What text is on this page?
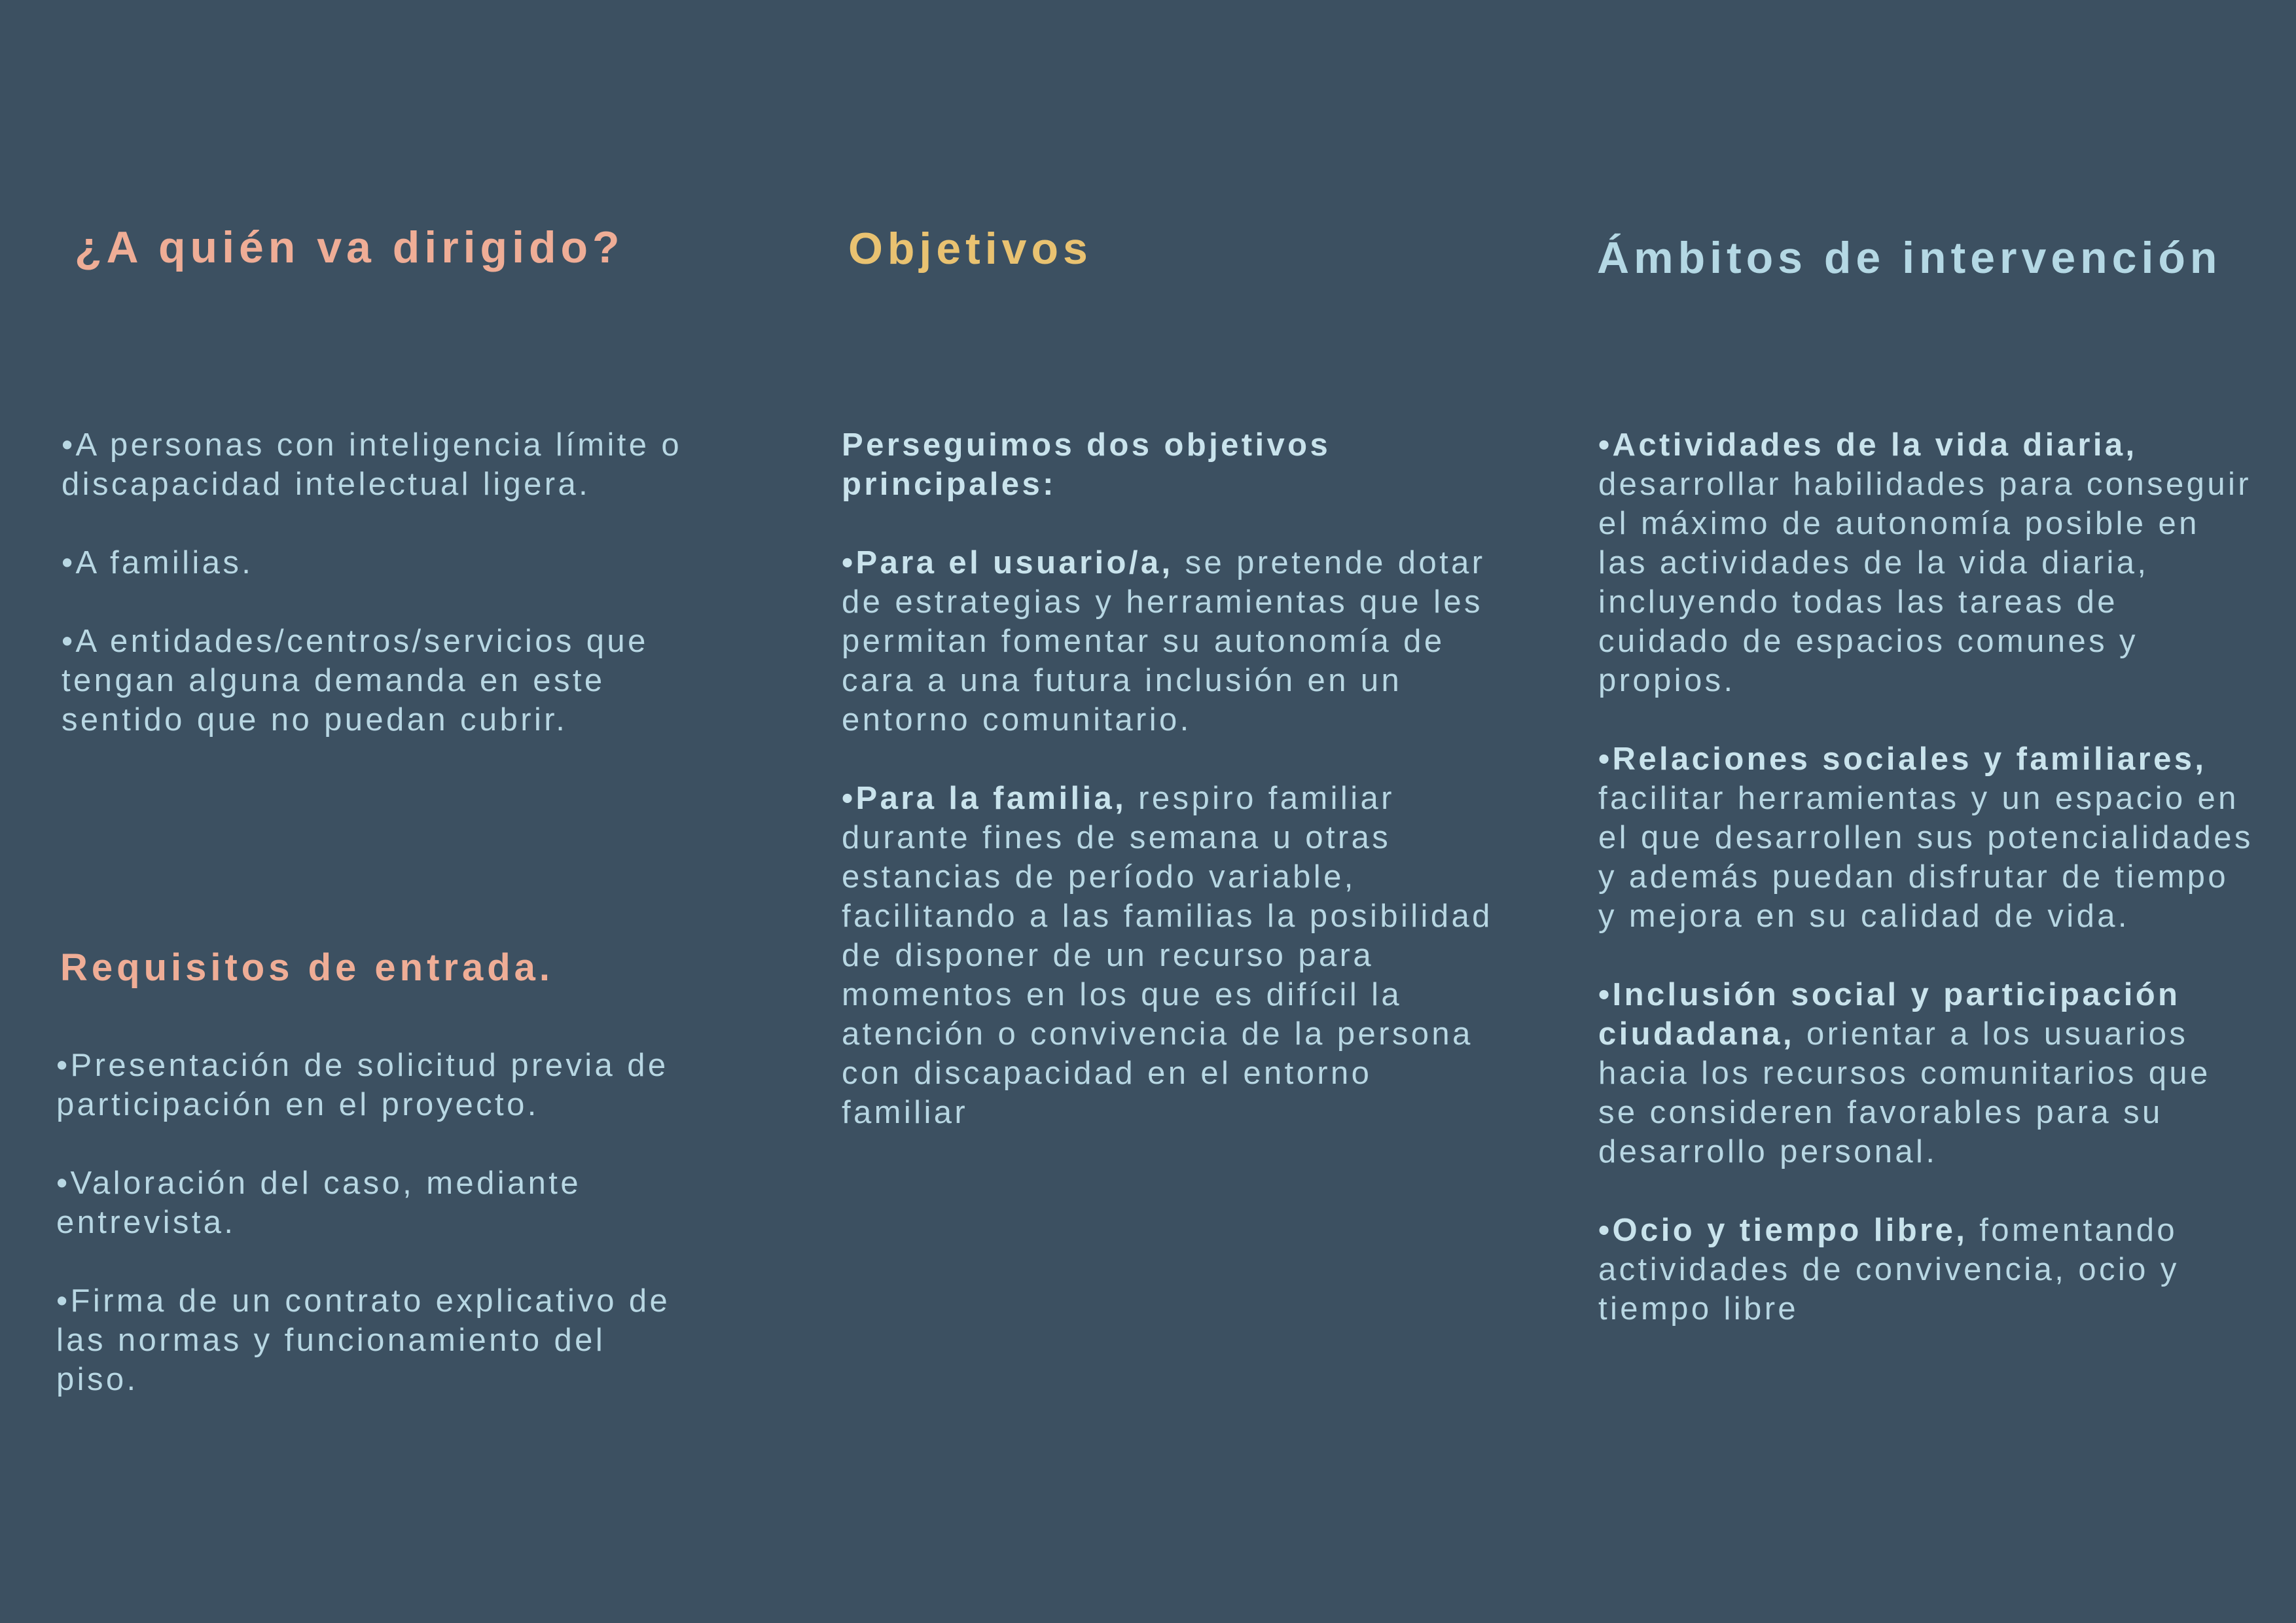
¿A quién va dirigido?

•A personas con inteligencia límite o discapacidad intelectual ligera.

•A familias.

•A entidades/centros/servicios que tengan alguna demanda en este sentido que no puedan cubrir.

Requisitos de entrada.

•Presentación de solicitud previa de participación en el proyecto.

•Valoración del caso, mediante entrevista.

•Firma de un contrato explicativo de las normas y funcionamiento del piso.

Objetivos

Perseguimos dos objetivos principales:

•Para el usuario/a, se pretende dotar de estrategias y herramientas que les permitan fomentar su autonomía de cara a una futura inclusión en un entorno comunitario.

•Para la familia, respiro familiar durante fines de semana u otras estancias de período variable, facilitando a las familias la posibilidad de disponer de un recurso para momentos en los que es difícil la atención o convivencia de la persona con discapacidad en el entorno familiar

Ámbitos de intervención

•Actividades de la vida diaria, desarrollar habilidades para conseguir el máximo de autonomía posible en las actividades de la vida diaria, incluyendo todas las tareas de cuidado de espacios comunes y propios.

•Relaciones sociales y familiares, facilitar herramientas y un espacio en el que desarrollen sus potencialidades y además puedan disfrutar de tiempo y mejora en su calidad de vida.

•Inclusión social y participación ciudadana, orientar a los usuarios hacia los recursos comunitarios que se consideren favorables para su desarrollo personal.

•Ocio y tiempo libre, fomentando actividades de convivencia, ocio y tiempo libre
